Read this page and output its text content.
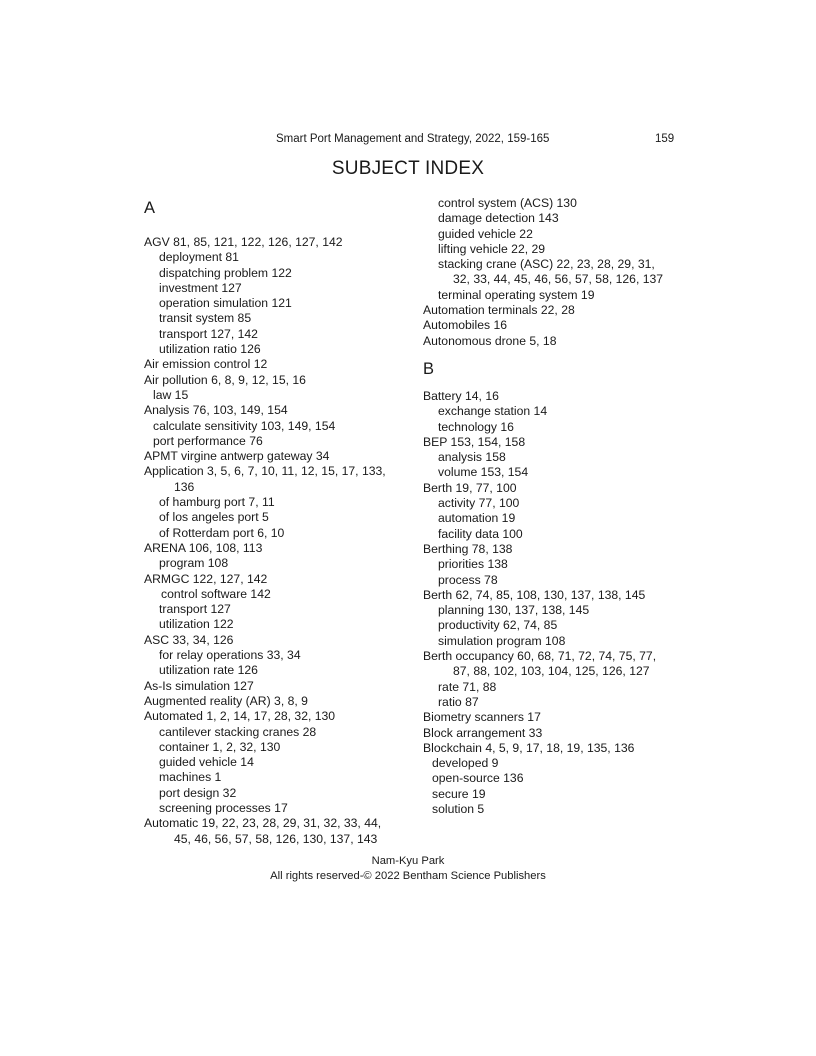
Smart Port Management and Strategy, 2022, 159-165	159
SUBJECT INDEX
A
AGV 81, 85, 121, 122, 126, 127, 142
deployment 81
dispatching problem 122
investment 127
operation simulation 121
transit system 85
transport 127, 142
utilization ratio 126
Air emission control 12
Air pollution 6, 8, 9, 12, 15, 16
law 15
Analysis 76, 103, 149, 154
calculate sensitivity 103, 149, 154
port performance 76
APMT virgine antwerp gateway 34
Application 3, 5, 6, 7, 10, 11, 12, 15, 17, 133,
136
of hamburg port 7, 11
of los angeles port 5
of Rotterdam port 6, 10
ARENA 106, 108, 113
program 108
ARMGC 122, 127, 142
control software 142
transport 127
utilization 122
ASC 33, 34, 126
for relay operations 33, 34
utilization rate 126
As-Is simulation 127
Augmented reality (AR) 3, 8, 9
Automated 1, 2, 14, 17, 28, 32, 130
cantilever stacking cranes 28
container 1, 2, 32, 130
guided vehicle 14
machines 1
port design 32
screening processes 17
Automatic 19, 22, 23, 28, 29, 31, 32, 33, 44,
45, 46, 56, 57, 58, 126, 130, 137, 143
control system (ACS) 130
damage detection 143
guided vehicle 22
lifting vehicle 22, 29
stacking crane (ASC) 22, 23, 28, 29, 31,
32, 33, 44, 45, 46, 56, 57, 58, 126, 137
terminal operating system 19
Automation terminals 22, 28
Automobiles 16
Autonomous drone 5, 18
B
Battery 14, 16
exchange station 14
technology 16
BEP 153, 154, 158
analysis 158
volume 153, 154
Berth 19, 77, 100
activity 77, 100
automation 19
facility data 100
Berthing 78, 138
priorities 138
process 78
Berth 62, 74, 85, 108, 130, 137, 138, 145
planning 130, 137, 138, 145
productivity 62, 74, 85
simulation program 108
Berth occupancy 60, 68, 71, 72, 74, 75, 77,
87, 88, 102, 103, 104, 125, 126, 127
rate 71, 88
ratio 87
Biometry scanners 17
Block arrangement 33
Blockchain 4, 5, 9, 17, 18, 19, 135, 136
developed 9
open-source 136
secure 19
solution 5
Nam-Kyu Park
All rights reserved-© 2022 Bentham Science Publishers
